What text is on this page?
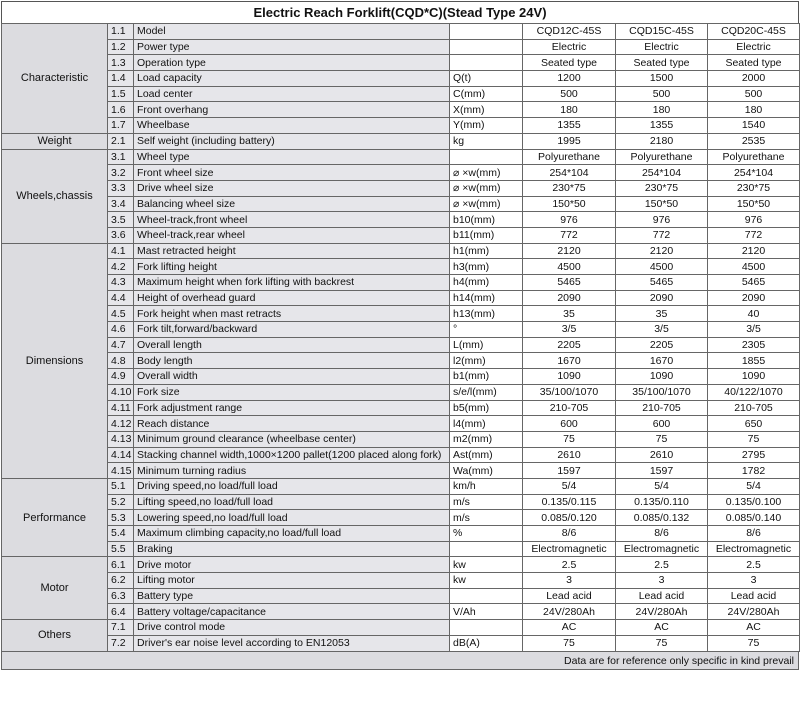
Electric Reach Forklift(CQD*C)(Stead Type 24V)
Characteristic	1.1	Model		CQD12C-45S	CQD15C-45S	CQD20C-45S
	1.2	Power type		Electric	Electric	Electric
	1.3	Operation type		Seated type	Seated type	Seated type
	1.4	Load capacity	Q(t)	1200	1500	2000
	1.5	Load center	C(mm)	500	500	500
	1.6	Front overhang	X(mm)	180	180	180
	1.7	Wheelbase	Y(mm)	1355	1355	1540
Weight	2.1	Self weight (including battery)	kg	1995	2180	2535
Wheels,chassis	3.1	Wheel type		Polyurethane	Polyurethane	Polyurethane
	3.2	Front wheel size	⌀ ×w(mm)	254*104	254*104	254*104
	3.3	Drive wheel size	⌀ ×w(mm)	230*75	230*75	230*75
	3.4	Balancing wheel size	⌀ ×w(mm)	150*50	150*50	150*50
	3.5	Wheel-track,front wheel	b10(mm)	976	976	976
	3.6	Wheel-track,rear wheel	b11(mm)	772	772	772
Dimensions	4.1	Mast retracted height	h1(mm)	2120	2120	2120
	4.2	Fork lifting height	h3(mm)	4500	4500	4500
	4.3	Maximum height when fork lifting with backrest	h4(mm)	5465	5465	5465
	4.4	Height of overhead guard	h14(mm)	2090	2090	2090
	4.5	Fork height when mast retracts	h13(mm)	35	35	40
	4.6	Fork tilt,forward/backward	°	3/5	3/5	3/5
	4.7	Overall length	L(mm)	2205	2205	2305
	4.8	Body length	l2(mm)	1670	1670	1855
	4.9	Overall width	b1(mm)	1090	1090	1090
	4.10	Fork size	s/e/l(mm)	35/100/1070	35/100/1070	40/122/1070
	4.11	Fork adjustment range	b5(mm)	210-705	210-705	210-705
	4.12	Reach distance	l4(mm)	600	600	650
	4.13	Minimum ground clearance (wheelbase center)	m2(mm)	75	75	75
	4.14	Stacking channel width,1000×1200 pallet(1200 placed along fork)	Ast(mm)	2610	2610	2795
	4.15	Minimum turning radius	Wa(mm)	1597	1597	1782
Performance	5.1	Driving speed,no load/full load	km/h	5/4	5/4	5/4
	5.2	Lifting speed,no load/full load	m/s	0.135/0.115	0.135/0.110	0.135/0.100
	5.3	Lowering speed,no load/full load	m/s	0.085/0.120	0.085/0.132	0.085/0.140
	5.4	Maximum climbing capacity,no load/full load	%	8/6	8/6	8/6
	5.5	Braking		Electromagnetic	Electromagnetic	Electromagnetic
Motor	6.1	Drive motor	kw	2.5	2.5	2.5
	6.2	Lifting motor	kw	3	3	3
	6.3	Battery type		Lead acid	Lead acid	Lead acid
	6.4	Battery voltage/capacitance	V/Ah	24V/280Ah	24V/280Ah	24V/280Ah
Others	7.1	Drive control mode		AC	AC	AC
	7.2	Driver's ear noise level according to EN12053	dB(A)	75	75	75
Data are for reference only specific in kind prevail
